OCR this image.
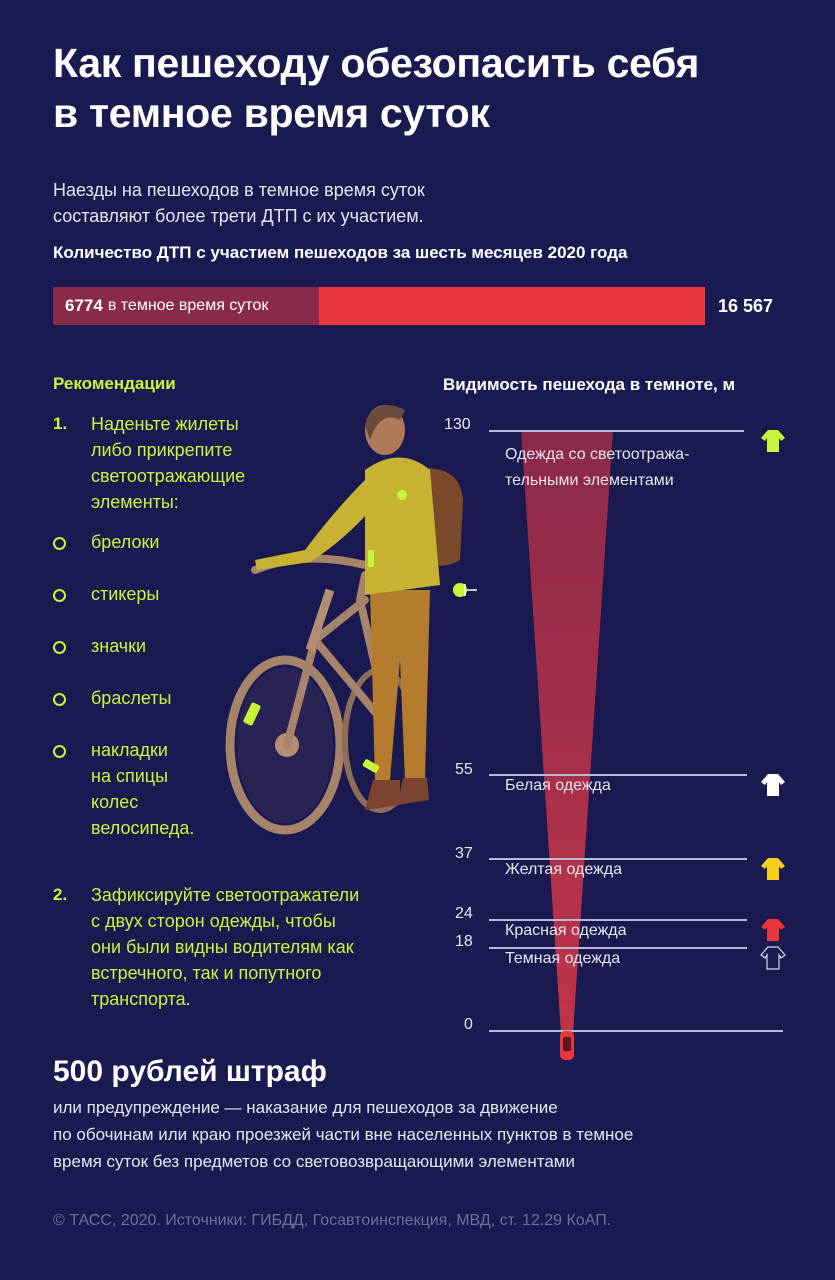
Как пешеходу обезопасить себя
в темное время суток
Наезды на пешеходов в темное время суток
составляют более трети ДТП с их участием.
Количество ДТП с участием пешеходов за шесть месяцев 2020 года
6774 в темное время суток	16 567
Рекомендации
1. Наденьте жилеты
либо прикрепите
светоотражающие
элементы:
брелоки
стикеры
значки
браслеты
накладки
на спицы
колес
велосипеда.
2. Зафиксируйте светоотражатели
с двух сторон одежды, чтобы
они были видны водителям как
встречного, так и попутного
транспорта.
Видимость пешехода в темноте, м
130
Одежда со светоотража-
тельными элементами
55
Белая одежда
37
Желтая одежда
24
Красная одежда
18
Темная одежда
0
500 рублей штраф
или предупреждение — наказание для пешеходов за движение
по обочинам или краю проезжей части вне населенных пунктов в темное
время суток без предметов со световозвращающими элементами
© ТАСС, 2020. Источники: ГИБДД, Госавтоинспекция, МВД, ст. 12.29 КоАП.
